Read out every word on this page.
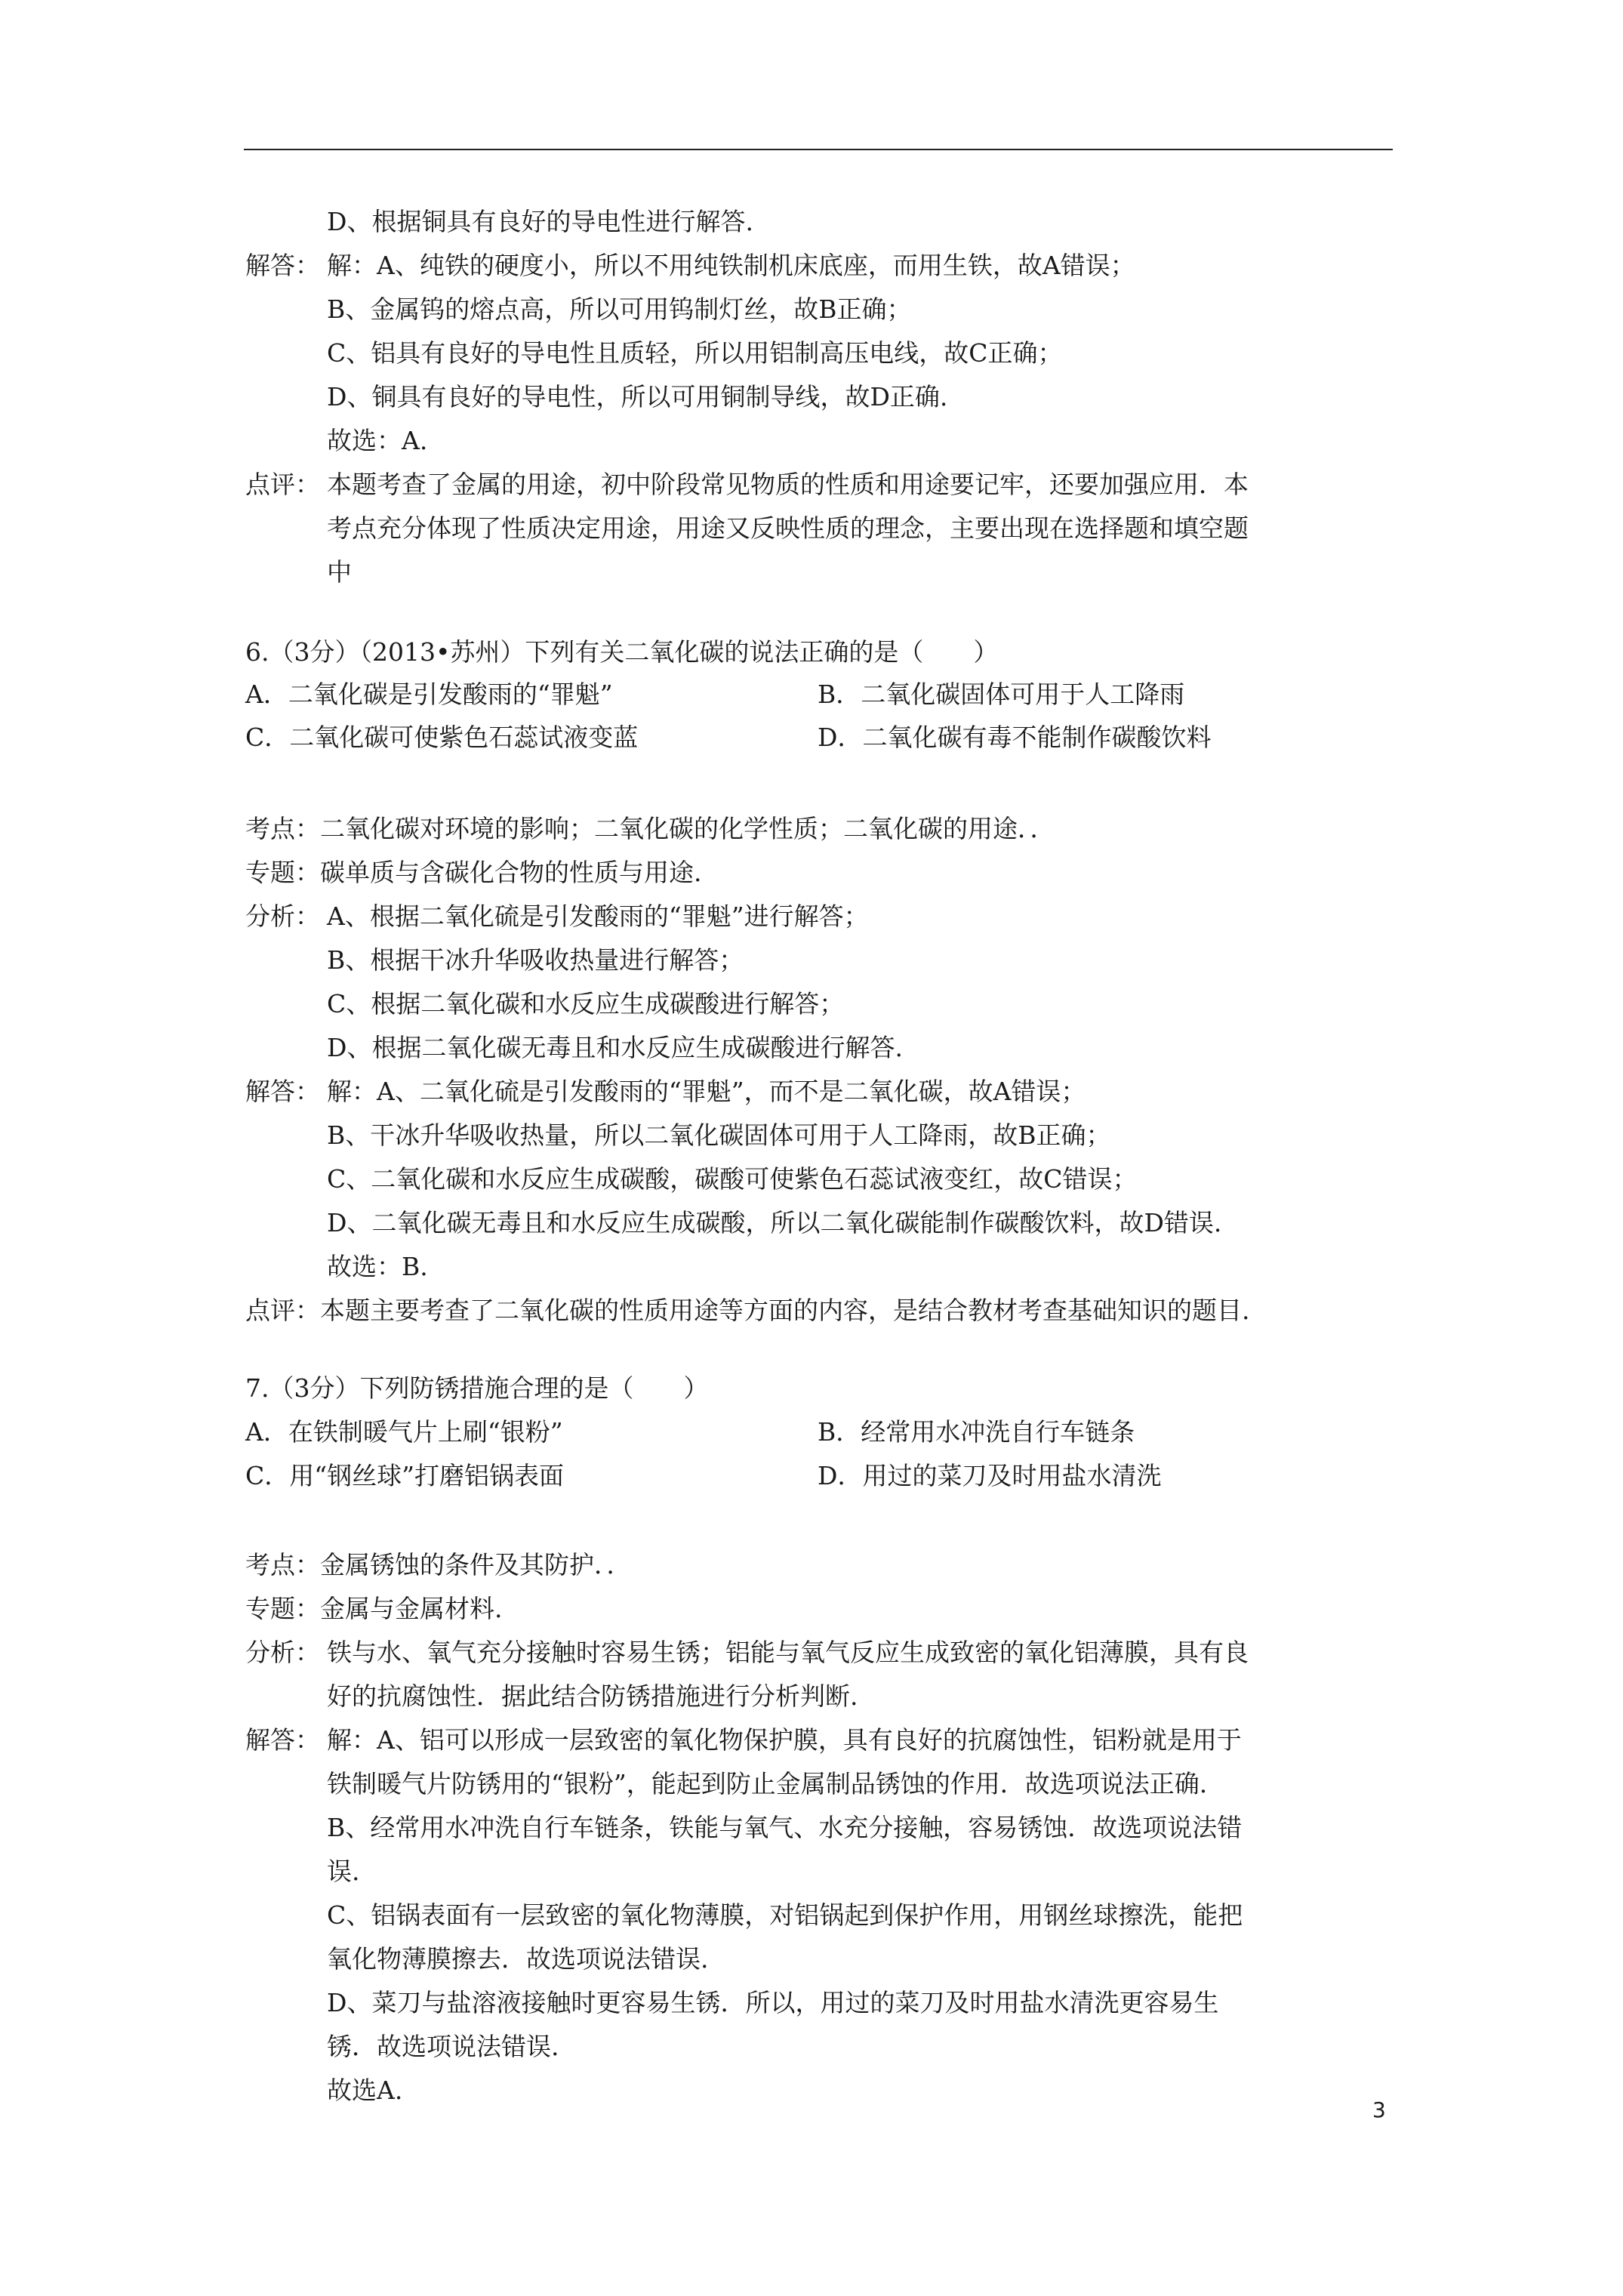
D、根据铜具有良好的导电性进行解答.
解答： 解：A、纯铁的硬度小，所以不用纯铁制机床底座，而用生铁，故A错误；
B、金属钨的熔点高，所以可用钨制灯丝，故B正确；
C、铝具有良好的导电性且质轻，所以用铝制高压电线，故C正确；
D、铜具有良好的导电性，所以可用铜制导线，故D正确.
故选：A.
点评： 本题考查了金属的用途，初中阶段常见物质的性质和用途要记牢，还要加强应用．本
考点充分体现了性质决定用途，用途又反映性质的理念，主要出现在选择题和填空题
中
6.（3分）（2013•苏州）下列有关二氧化碳的说法正确的是（　　）
A．二氧化碳是引发酸雨的“罪魁”	B．二氧化碳固体可用于人工降雨
C．二氧化碳可使紫色石蕊试液变蓝	D．二氧化碳有毒不能制作碳酸饮料
考点：二氧化碳对环境的影响；二氧化碳的化学性质；二氧化碳的用途．．
专题：碳单质与含碳化合物的性质与用途.
分析： A、根据二氧化硫是引发酸雨的“罪魁”进行解答；
B、根据干冰升华吸收热量进行解答；
C、根据二氧化碳和水反应生成碳酸进行解答；
D、根据二氧化碳无毒且和水反应生成碳酸进行解答.
解答： 解：A、二氧化硫是引发酸雨的“罪魁”，而不是二氧化碳，故A错误；
B、干冰升华吸收热量，所以二氧化碳固体可用于人工降雨，故B正确；
C、二氧化碳和水反应生成碳酸，碳酸可使紫色石蕊试液变红，故C错误；
D、二氧化碳无毒且和水反应生成碳酸，所以二氧化碳能制作碳酸饮料，故D错误.
故选：B.
点评：本题主要考查了二氧化碳的性质用途等方面的内容，是结合教材考查基础知识的题目.
7.（3分）下列防锈措施合理的是（　　）
A．在铁制暖气片上刷“银粉”	B．经常用水冲洗自行车链条
C．用“钢丝球”打磨铝锅表面	D．用过的菜刀及时用盐水清洗
考点：金属锈蚀的条件及其防护．．
专题：金属与金属材料.
分析： 铁与水、氧气充分接触时容易生锈；铝能与氧气反应生成致密的氧化铝薄膜，具有良
好的抗腐蚀性．据此结合防锈措施进行分析判断.
解答： 解：A、铝可以形成一层致密的氧化物保护膜，具有良好的抗腐蚀性，铝粉就是用于
铁制暖气片防锈用的“银粉”，能起到防止金属制品锈蚀的作用．故选项说法正确.
B、经常用水冲洗自行车链条，铁能与氧气、水充分接触，容易锈蚀．故选项说法错
误.
C、铝锅表面有一层致密的氧化物薄膜，对铝锅起到保护作用，用钢丝球擦洗，能把
氧化物薄膜擦去．故选项说法错误.
D、菜刀与盐溶液接触时更容易生锈．所以，用过的菜刀及时用盐水清洗更容易生
锈．故选项说法错误.
故选A.
3
